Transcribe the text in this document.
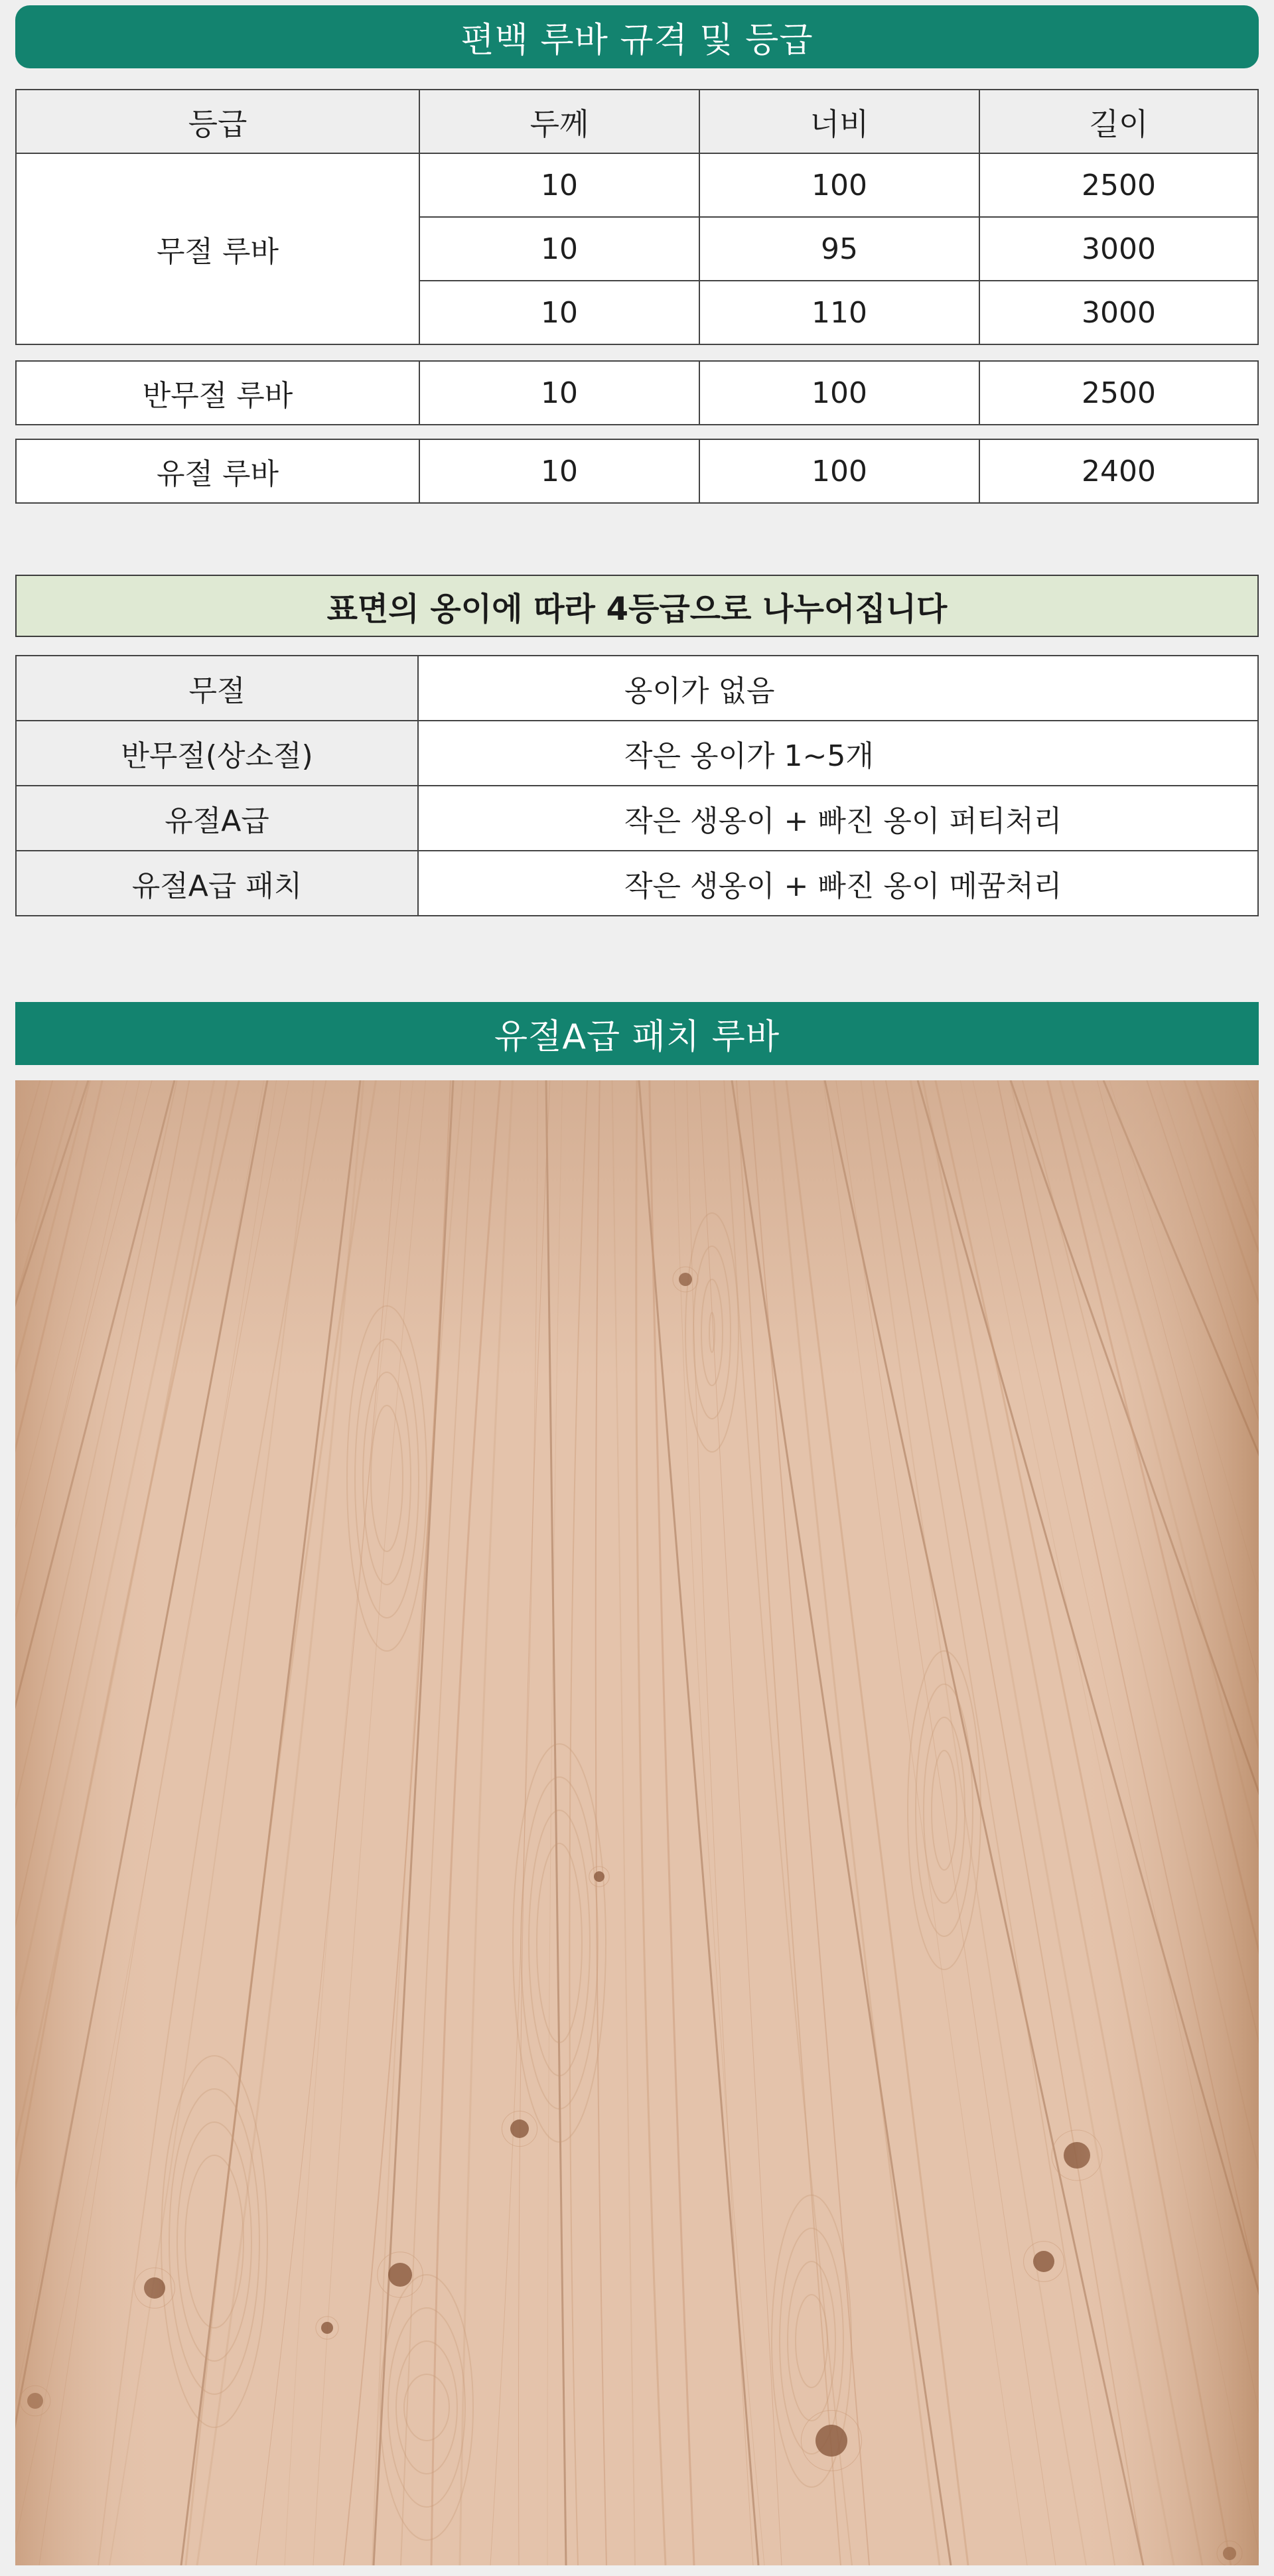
편백 루바 규격 및 등급
등급	두께	너비	길이
무절 루바	10	100	2500
	10	95	3000
	10	110	3000
반무절 루바	10	100	2500
유절 루바	10	100	2400
표면의 옹이에 따라 4등급으로 나누어집니다
무절	옹이가 없음
반무절(상소절)	작은 옹이가 1~5개
유절A급	작은 생옹이 + 빠진 옹이 퍼티처리
유절A급 패치	작은 생옹이 + 빠진 옹이 메꿈처리
유절A급 패치 루바
